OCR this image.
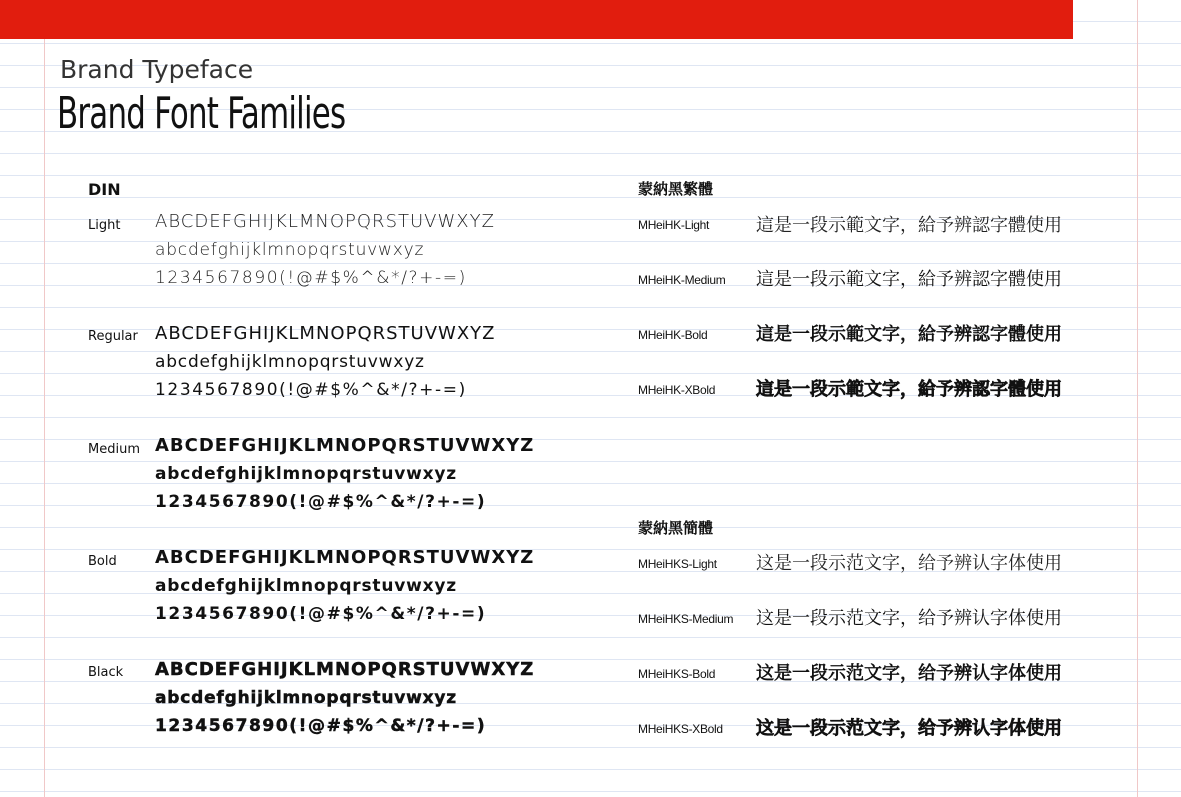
Brand Typeface
Brand Font Families
DIN
Light ABCDEFGHIJKLMNOPQRSTUVWXYZ
abcdefghijklmnopqrstuvwxyz
1234567890(!@#$%^&*/?+-=)
Regular ABCDEFGHIJKLMNOPQRSTUVWXYZ
abcdefghijklmnopqrstuvwxyz
1234567890(!@#$%^&*/?+-=)
Medium ABCDEFGHIJKLMNOPQRSTUVWXYZ
abcdefghijklmnopqrstuvwxyz
1234567890(!@#$%^&*/?+-=)
Bold ABCDEFGHIJKLMNOPQRSTUVWXYZ
abcdefghijklmnopqrstuvwxyz
1234567890(!@#$%^&*/?+-=)
Black ABCDEFGHIJKLMNOPQRSTUVWXYZ
abcdefghijklmnopqrstuvwxyz
1234567890(!@#$%^&*/?+-=)
蒙納黑繁體
MHeiHK-Light	這是一段示範文字，給予辨認字體使用
MHeiHK-Medium 這是一段示範文字，給予辨認字體使用
MHeiHK-Bold	這是一段示範文字，給予辨認字體使用
MHeiHK-XBold 這是一段示範文字，給予辨認字體使用
蒙納黑簡體
MHeiHKS-Light 这是一段示范文字，给予辨认字体使用
MHeiHKS-Medium 这是一段示范文字，给予辨认字体使用
MHeiHKS-Bold 这是一段示范文字，给予辨认字体使用
MHeiHKS-XBold 这是一段示范文字，给予辨认字体使用
